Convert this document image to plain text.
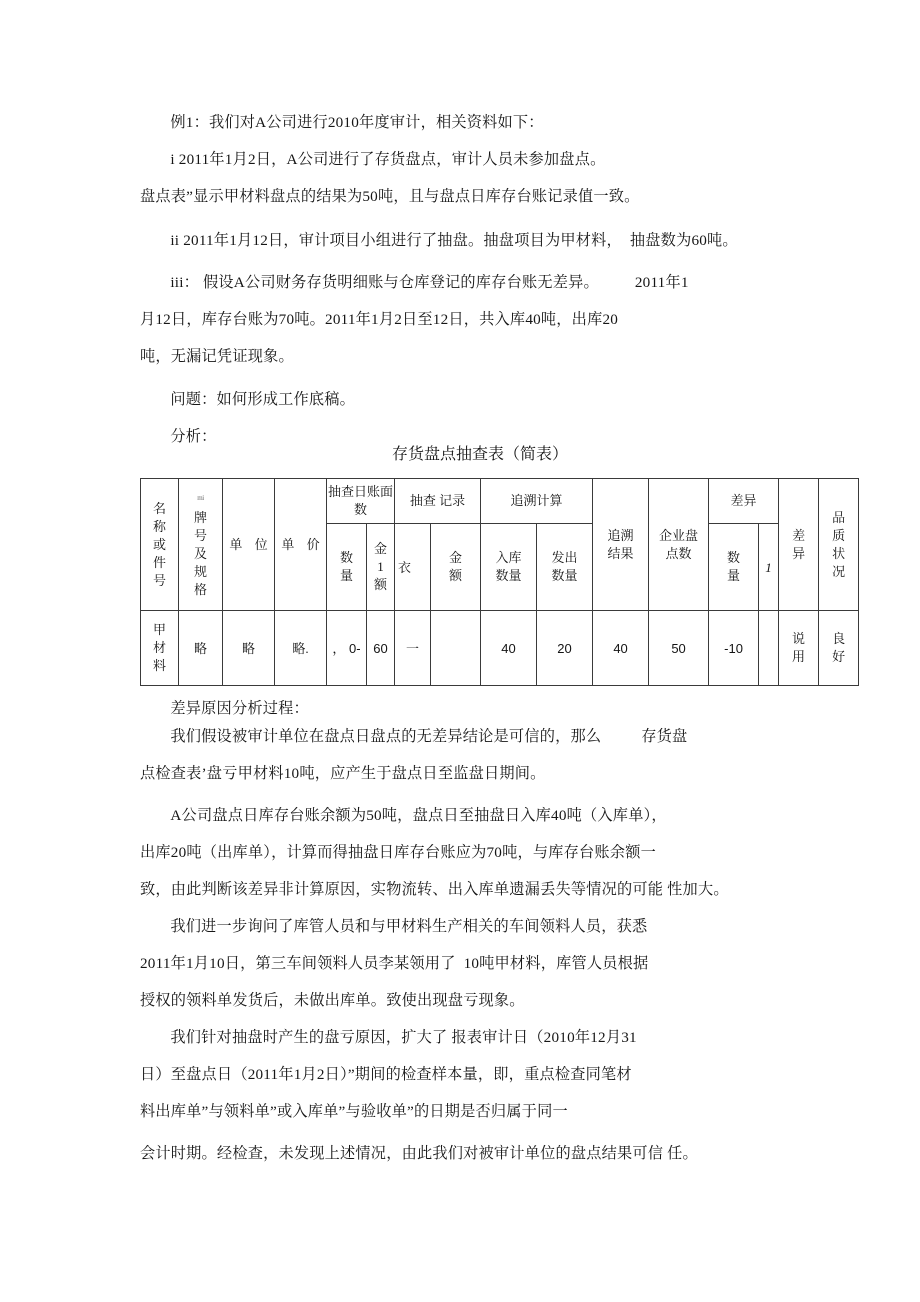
例1：我们对A公司进行2010年度审计，相关资料如下：

i 2011年1月2日，A公司进行了存货盘点，审计人员未参加盘点。

盘点表”显示甲材料盘点的结果为50吨，且与盘点日库存台账记录值一致。

ii 2011年1月12日，审计项目小组进行了抽盘。抽盘项目为甲材料，  抽盘数为60吨。

iii： 假设A公司财务存货明细账与仓库登记的库存台账无差异。         2011年1

月12日，库存台账为70吨。2011年1月2日至12日，共入库40吨，出库20

吨，无漏记凭证现象。

问题：如何形成工作底稿。

分析：

差异原因分析过程：

我们假设被审计单位在盘点日盘点的无差异结论是可信的，那么          存货盘

点检查表’盘亏甲材料10吨，应产生于盘点日至监盘日期间。

A公司盘点日库存台账余额为50吨，盘点日至抽盘日入库40吨（入库单），

出库20吨（出库单），计算而得抽盘日库存台账应为70吨，与库存台账余额一

致，由此判断该差异非计算原因，实物流转、出入库单遗漏丢失等情况的可能 性加大。

我们进一步询问了库管人员和与甲材料生产相关的车间领料人员，获悉

2011年1月10日，第三车间领料人员李某领用了  10吨甲材料，库管人员根据

授权的领料单发货后，未做出库单。致使出现盘亏现象。

我们针对抽盘时产生的盘亏原因，扩大了 报表审计日（2010年12月31

日）至盘点日（2011年1月2日）”期间的检查样本量，即，重点检查同笔材

料出库单”与领料单”或入库单”与验收单”的日期是否归属于同一

会计时期。经检查，未发现上述情况，由此我们对被审计单位的盘点结果可信 任。

存货盘点抽查表（简表）
名称或件号	$^{mi}$
牌号及规格	单 位	单 价	抽查日账面数		抽查 记录		追溯计算		追溯结果	企业盘点数	差异		差异	品质状况

				数量	金1额	衣	金额	入库数量	发出数量			数量	1		

甲材料	略	略	略.	， 0-	60	一		40	20	40	50	-10		说用	良好
